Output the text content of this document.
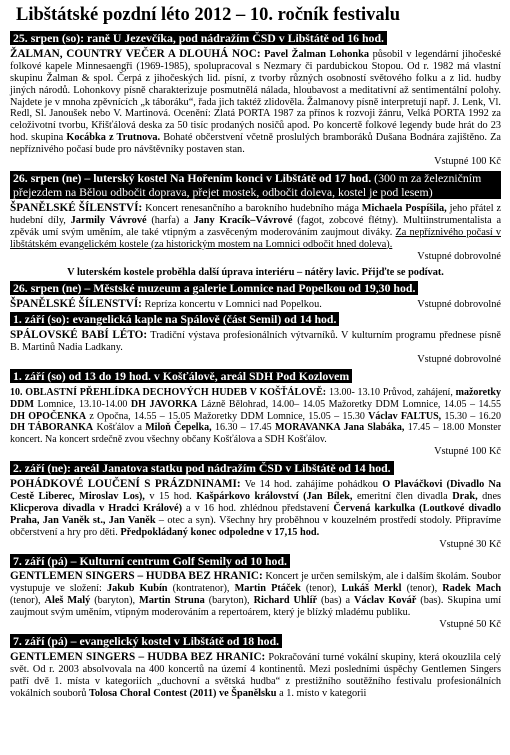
Libštátské pozdní léto 2012 – 10. ročník festivalu
25. srpen (so): raně U Jezevčíka, pod nádražím ČSD v Libštátě od 16 hod.

ŽALMAN, COUNTRY VEČER A DLOUHÁ NOC: Pavel Žalman Lohonka působil v legendární jihočeské folkové kapele Minnesaengři (1969-1985), spolupracoval s Nezmary či pardubickou Stopou. Od r. 1982 má vlastní skupinu Žalman & spol. Čerpá z jihočeských lid. písní, z tvorby různých osobností světového folku a z lid. hudby jiných národů. Lohonkovy písně charakterizuje posmutnělá nálada, hloubavost a meditativní až sentimentální polohy. Najdete je v mnoha zpěvnících „k táboráku“, řada jich taktéž zlidověla. Žalmanovy písně interpretují např. J. Lenk, Vl. Redl, Sl. Janoušek nebo V. Martinová. Ocenění: Zlatá PORTA 1987 za přínos k rozvoji žánru, Velká PORTA 1992 za celoživotní tvorbu, Křišťálová deska za 50 tisíc prodaných nosičů apod. Po koncertě folkové legendy bude hrát do 23 hod. skupina Kocábka z Trutnova. Bohaté občerstvení včetně proslulých bramboráků Dušana Bodnára zajištěno. Za nepříznivého počasí bude pro návštěvníky postaven stan.

Vstupné 100 Kč
26. srpen (ne) – luterský kostel Na Hořením konci v Libštátě od 17 hod. (300 m za železničním přejezdem na Bělou odbočit doprava, přejet mostek, odbočit doleva, kostel je pod lesem)

ŠPANĚLSKÉ ŠÍLENSTVÍ: Koncert renesančního a barokního hudebního mága Michaela Pospíšila, jeho přátel z hudební díly, Jarmily Vávrové (harfa) a Jany Kracík–Vávrové (fagot, zobcové flétny). Multiinstrumentalista a zpěvák umí svým uměním, ale také vtipným a zasvěceným moderováním zaujmout diváky. Za nepříznivého počasí v libštátském evangelickém kostele (za historickým mostem na Lomnici odbočit hned doleva).

Vstupné dobrovolné
V luterském kostele proběhla další úprava interiéru – nátěry lavic. Přijďte se podívat.
26. srpen (ne) – Městské muzeum a galerie Lomnice nad Popelkou od 19,30 hod.

ŠPANĚLSKÉ ŠÍLENSTVÍ: Repríza koncertu v Lomnici nad Popelkou.	Vstupné dobrovolné

1. září (so): evangelická kaple na Spálově (část Semil) od 14 hod.

SPÁLOVSKÉ BABÍ LÉTO: Tradiční výstava profesionálních výtvarníků. V kulturním programu přednese písně B. Martinů Nadia Ladkany.

Vstupné dobrovolné
1. září (so) od 13 do 19 hod. v Košťálově, areál SDH Pod Kozlovem

10. OBLASTNÍ PŘEHLÍDKA DECHOVÝCH HUDEB V KOŠŤÁLOVĚ: 13.00- 13.10 Průvod, zahájení, mažoretky DDM Lomnice, 13.10-14.00 DH JAVORKA Lázně Bělohrad, 14.00– 14.05 Mažoretky DDM Lomnice, 14.05 – 14.55 DH OPOČENKA z Opočna, 14.55 – 15.05 Mažoretky DDM Lomnice, 15.05 – 15.30 Václav FALTUS, 15.30 – 16.20 DH TÁBORANKA Košťálov a Miloň Čepelka, 16.30 – 17.45 MORAVANKA Jana Slabáka, 17.45 – 18.00 Monster koncert. Na koncert srdečně zvou všechny občany Košťálova a SDH Košťálov.

Vstupné 100 Kč
2. září (ne): areál Janatova statku pod nádražím ČSD v Libštátě od 14 hod.

POHÁDKOVÉ LOUČENÍ S PRÁZDNINAMI: Ve 14 hod. zahájíme pohádkou O Plaváčkovi (Divadlo Na Cestě Liberec, Miroslav Los), v 15 hod. Kašpárkovo království (Jan Bílek, emeritní člen divadla Drak, dnes Klicperova divadla v Hradci Králové) a v 16 hod. zhlédnou představení Červená karkulka (Loutkové divadlo Praha, Jan Vaněk st., Jan Vaněk – otec a syn). Všechny hry proběhnou v kouzelném prostředí stodoly. Připravíme občerstvení a hry pro děti. Předpokládaný konec odpoledne v 17,15 hod.

Vstupné 30 Kč
7. září (pá) – Kulturní centrum Golf Semily od 10 hod.

GENTLEMEN SINGERS – HUDBA BEZ HRANIC: Koncert je určen semilským, ale i dalším školám. Soubor vystupuje ve složení: Jakub Kubín (kontratenor), Martin Ptáček (tenor), Lukáš Merkl (tenor), Radek Mach (tenor), Aleš Malý (baryton), Martin Struna (baryton), Richard Uhlíř (bas) a Václav Kovář (bas). Skupina umí zaujmout svým uměním, vtipným moderováním a repertoárem, který je blízký mladému publiku.

Vstupné 50 Kč
7. září (pá) – evangelický kostel v Libštátě od 18 hod.

GENTLEMEN SINGERS – HUDBA BEZ HRANIC: Pokračování turné vokální skupiny, která okouzlila celý svět. Od r. 2003 absolvovala na 400 koncertů na území 4 kontinentů. Mezi posledními úspěchy Gentlemen Singers patří dvě 1. místa v kategoriích „duchovní a světská hudba“ z prestižního soutěžního festivalu profesionálních vokálních souborů Tolosa Choral Contest (2011) ve Španělsku a 1. místo v kategorii
